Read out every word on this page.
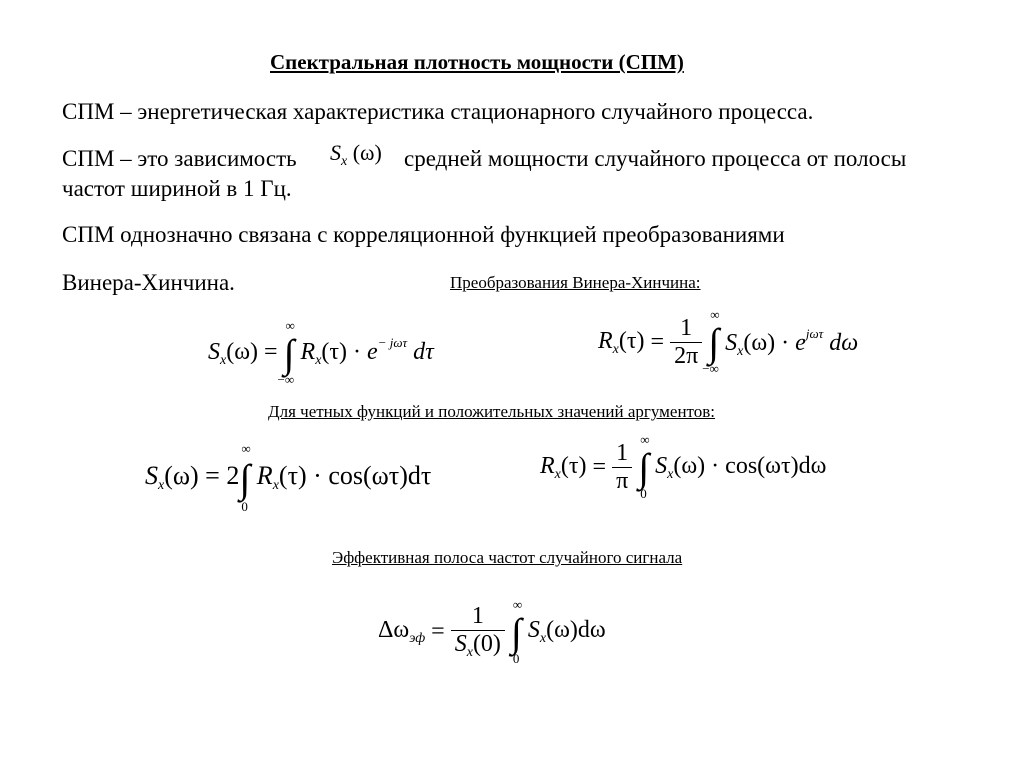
Спектральная плотность мощности (СПМ)
СПМ – энергетическая характеристика стационарного случайного процесса.
СПМ – это зависимость $S_x$ (ω) средней мощности случайного процесса от полосы
частот шириной в 1 Гц.
СПМ однозначно связана с корреляционной функцией преобразованиями
Винера-Хинчина.	Преобразования Винера-Хинчина:
$S_x(\omega)$ = ∫
∞
−∞
$R_x(\tau) \cdot e^{- j\omega\tau}$ dτ	$R_x(\tau) = \frac{1}{2\pi}$ ∫
∞
−∞
$S_x(\omega) \cdot e^{j\omega\tau}$ dω
Для четных функций и положительных значений аргументов:
Sx(ω) = 2∫
∞
0
Rx(τ) · cos(ωτ)dτ	$R_x(\tau) = \frac{1}{\pi}$ ∫
∞
0
$S_x(\omega) \cdot \cos(\omega\tau)d\omega$
Эффективная полоса частот случайного сигнала
$\Delta\omega_{эф} = \frac{1}{S_x(0)}$ ∫
∞
0
$S_x(\omega)d\omega$
